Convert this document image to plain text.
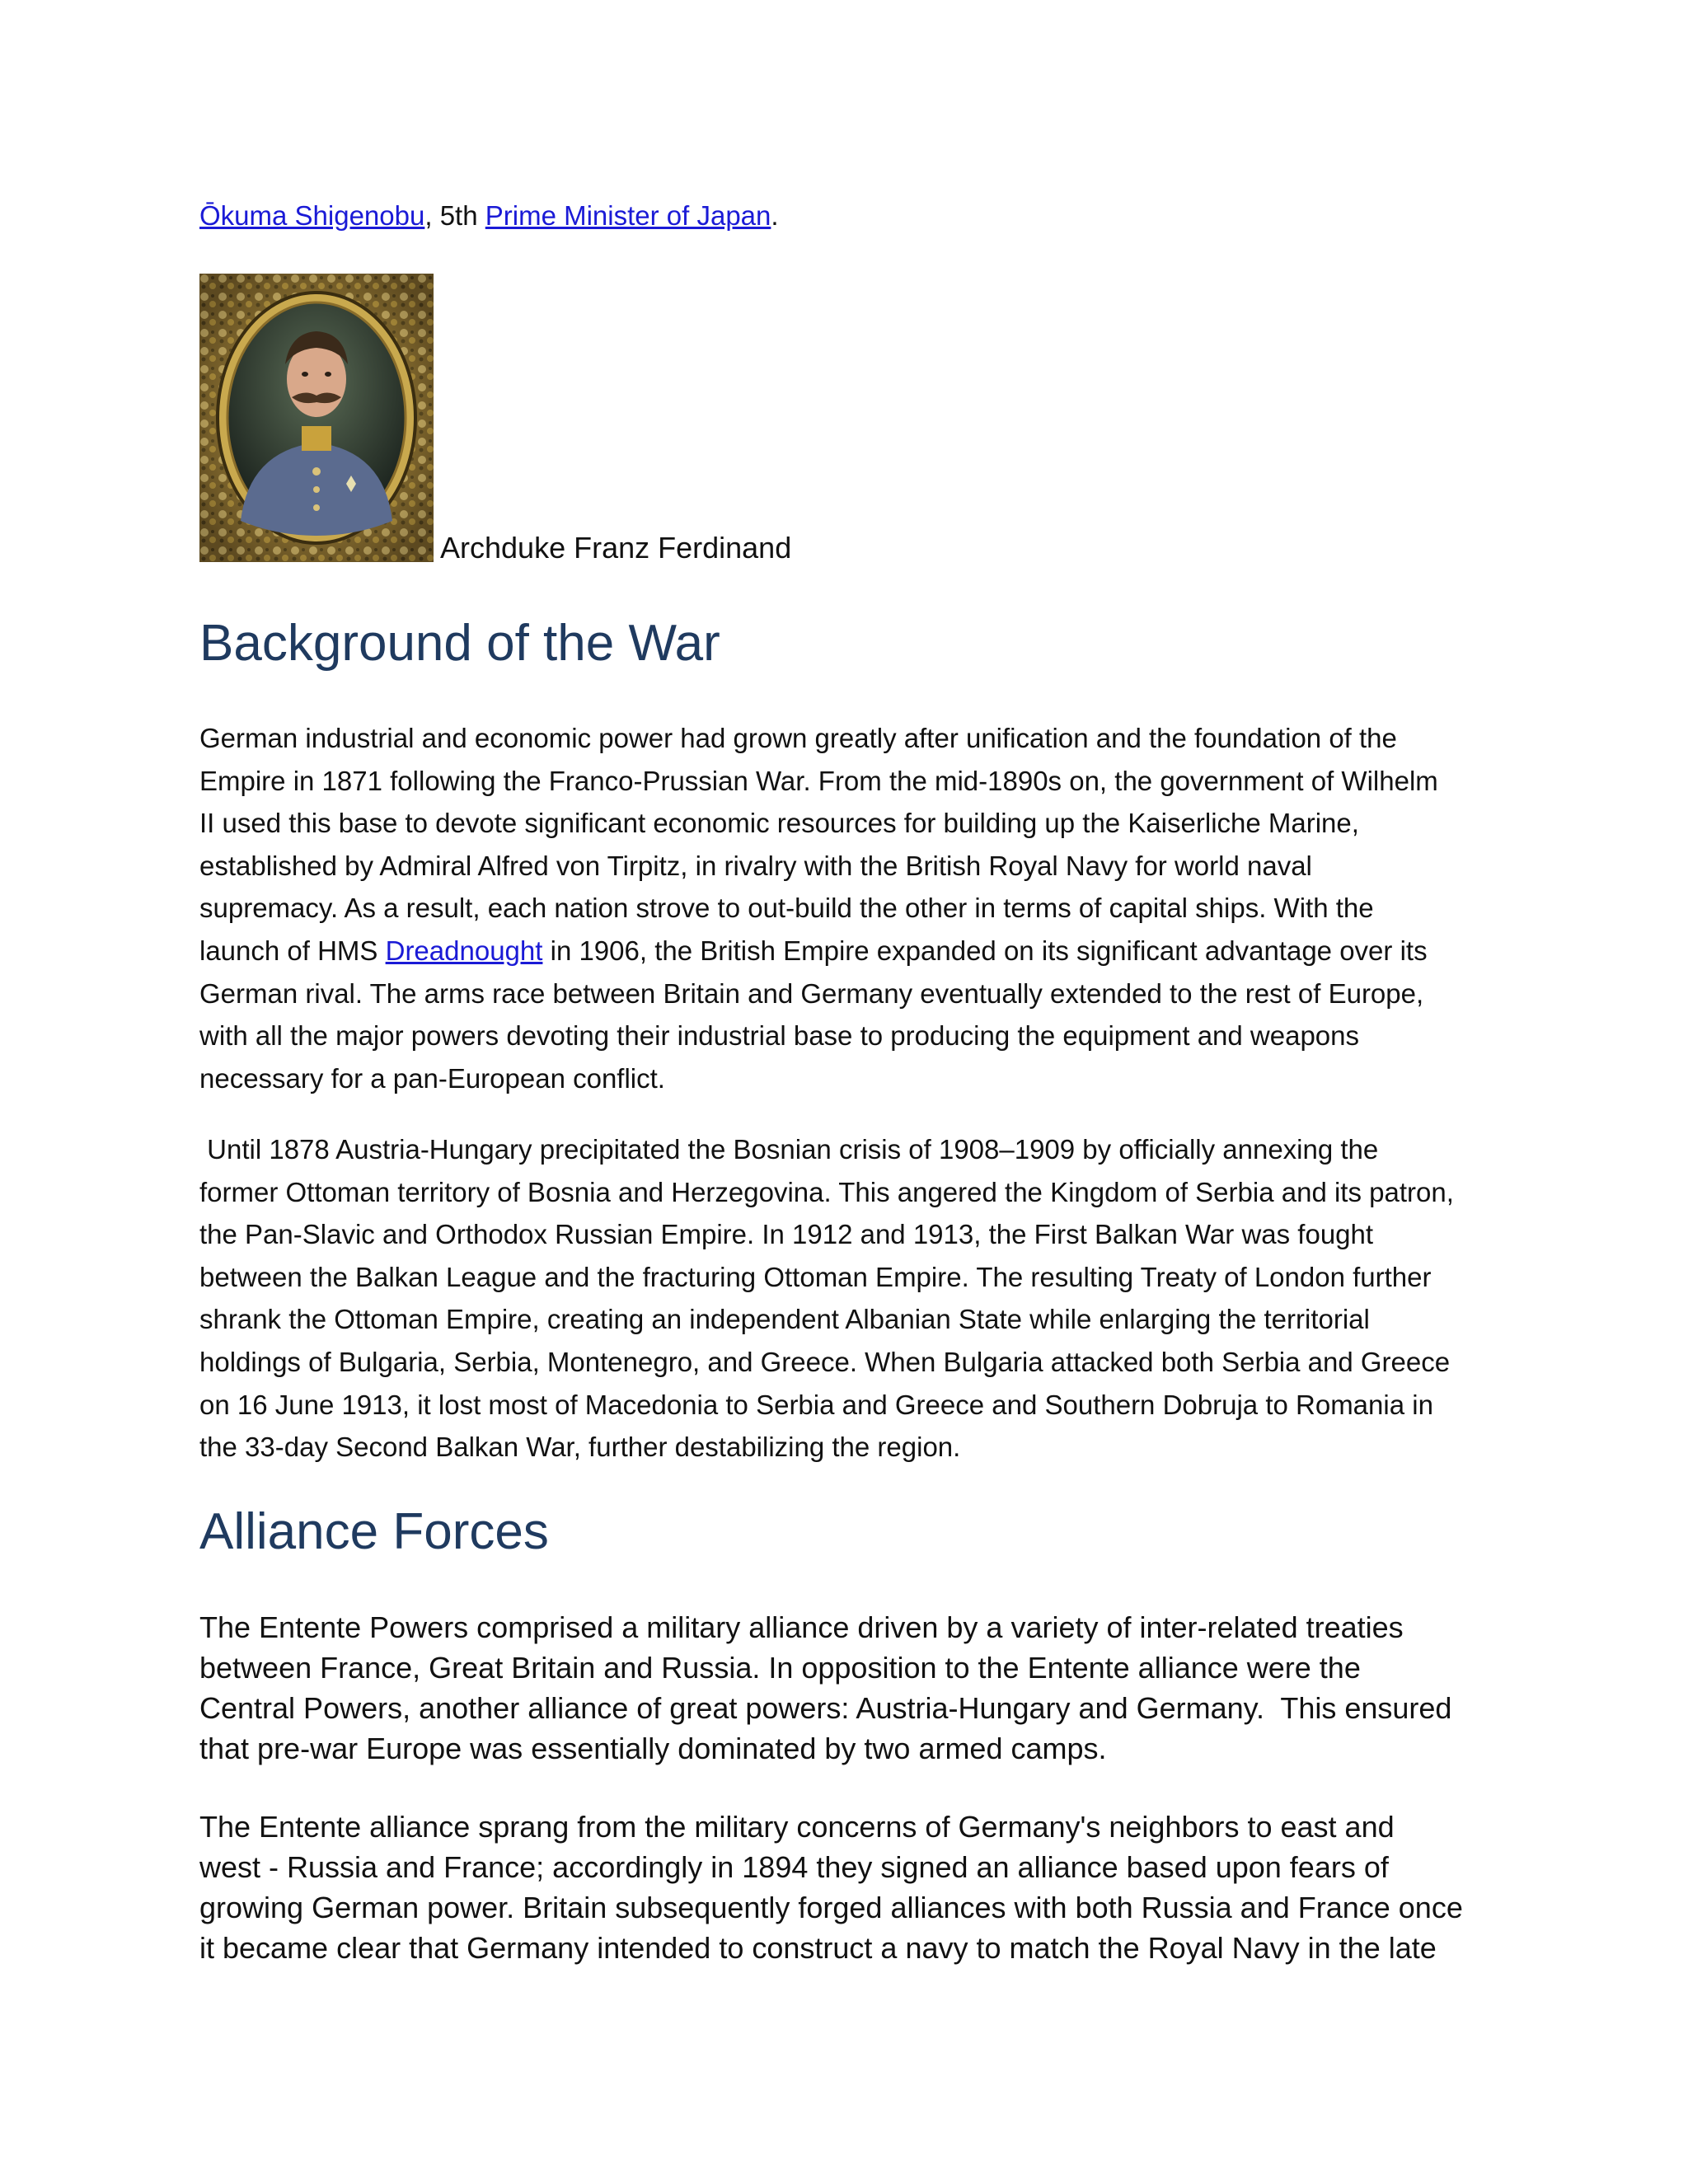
Ōkuma Shigenobu, 5th Prime Minister of Japan.
Archduke Franz Ferdinand
Background of the War
German industrial and economic power had grown greatly after unification and the foundation of the
Empire in 1871 following the Franco-Prussian War. From the mid-1890s on, the government of Wilhelm
II used this base to devote significant economic resources for building up the Kaiserliche Marine,
established by Admiral Alfred von Tirpitz, in rivalry with the British Royal Navy for world naval
supremacy. As a result, each nation strove to out-build the other in terms of capital ships. With the
launch of HMS Dreadnought in 1906, the British Empire expanded on its significant advantage over its
German rival. The arms race between Britain and Germany eventually extended to the rest of Europe,
with all the major powers devoting their industrial base to producing the equipment and weapons
necessary for a pan-European conflict.
Until 1878 Austria-Hungary precipitated the Bosnian crisis of 1908–1909 by officially annexing the
former Ottoman territory of Bosnia and Herzegovina. This angered the Kingdom of Serbia and its patron,
the Pan-Slavic and Orthodox Russian Empire. In 1912 and 1913, the First Balkan War was fought
between the Balkan League and the fracturing Ottoman Empire. The resulting Treaty of London further
shrank the Ottoman Empire, creating an independent Albanian State while enlarging the territorial
holdings of Bulgaria, Serbia, Montenegro, and Greece. When Bulgaria attacked both Serbia and Greece
on 16 June 1913, it lost most of Macedonia to Serbia and Greece and Southern Dobruja to Romania in
the 33-day Second Balkan War, further destabilizing the region.
Alliance Forces
The Entente Powers comprised a military alliance driven by a variety of inter-related treaties
between France, Great Britain and Russia. In opposition to the Entente alliance were the
Central Powers, another alliance of great powers: Austria-Hungary and Germany.  This ensured
that pre-war Europe was essentially dominated by two armed camps.
The Entente alliance sprang from the military concerns of Germany's neighbors to east and
west - Russia and France; accordingly in 1894 they signed an alliance based upon fears of
growing German power. Britain subsequently forged alliances with both Russia and France once
it became clear that Germany intended to construct a navy to match the Royal Navy in the late
